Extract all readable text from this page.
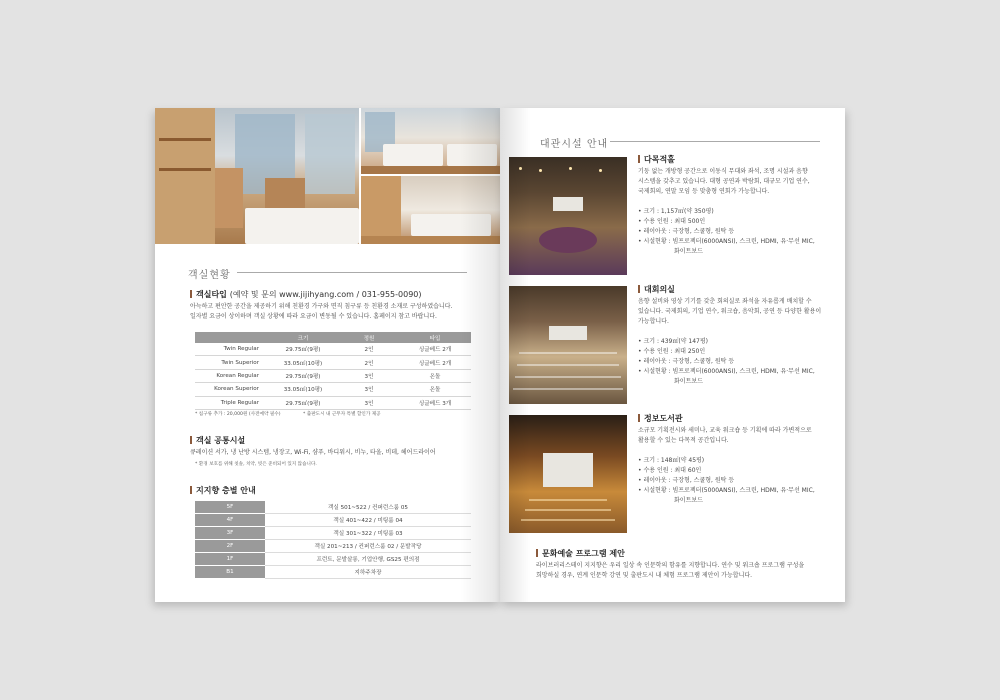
객실현황
객실타입 (예약 및 문의 www.jijihyang.com / 031-955-0090)
아늑하고 편안한 공간을 제공하기 위해 친환경 가구와 면직 침구류 등 친환경 소재로 구성하였습니다.
일자별 요금이 상이하며 객실 상황에 따라 요금이 변동될 수 있습니다. 홈페이지 참고 바랍니다.
	크기	정원	타입
Twin Regular	29.75㎡(9평)	2인	싱글베드 2개
Twin Superior	33.05㎡(10평)	2인	싱글베드 2개
Korean Regular	29.75㎡(9평)	3인	온돌
Korean Superior	33.05㎡(10평)	3인	온돌
Triple Regular	29.75㎡(9평)	3인	싱글베드 3개
* 침구류 추가 : 20,000원 (사전예약 필수)	* 출판도시 내 근무자 특별 할인가 제공
객실 공통시설
큐레이션 서가, 냉 난방 시스템, 냉장고, Wi-Fi, 샴푸, 바디워시, 비누, 타올, 비데, 헤어드라이어
* 환경 보호를 위해 칫솔, 치약, 빗은 준비되어 있지 않습니다.
지지향 층별 안내
5F	객실 501~522 / 컨퍼런스룸 05
4F	객실 401~422 / 미팅룸 04
3F	객실 301~322 / 미팅룸 03
2F	객실 201~213 / 컨퍼런스룸 02 / 문발작당
1F	프런트, 문발살롱, 기업안행, GS25 편의점
B1	지하주차장
대관시설 안내
다목적홀
기둥 없는 개방형 공간으로 이동식 무대와 좌석, 조명 시설과 음향
시스템을 갖추고 있습니다. 대형 공연과 박람회, 대규모 기업 연수,
국제회의, 연말 모임 등 맞춤형 연회가 가능합니다.
• 크기 : 1,157㎡(약 350평)
• 수용 인원 : 최대 500인
• 레이아웃 : 극장형, 스쿨형, 원탁 등
• 시설현황 : 빔프로젝터(6000ANSI), 스크린, HDMI, 유·무선 MIC,
화이트보드
대회의실
음향 설비와 영상 기기를 갖춘 회의실로 좌석을 자유롭게 배치할 수
있습니다. 국제회의, 기업 연수, 워크숍, 음악회, 공연 등 다양한 활용이
가능합니다.
• 크기 : 439㎡(약 147평)
• 수용 인원 : 최대 250인
• 레이아웃 : 극장형, 스쿨형, 원탁 등
• 시설현황 : 빔프로젝터(6000ANSI), 스크린, HDMI, 유·무선 MIC,
화이트보드
정보도서관
소규모 기획전시와 세미나, 교육 워크숍 등 기획에 따라 가변적으로
활용할 수 있는 다목적 공간입니다.
• 크기 : 148㎡(약 45평)
• 수용 인원 : 최대 60인
• 레이아웃 : 극장형, 스쿨형, 원탁 등
• 시설현황 : 빔프로젝터(5000ANSI), 스크린, HDMI, 유·무선 MIC,
화이트보드
문화예술 프로그램 제안
라이브러리스테이 지지향은 우리 일상 속 인문학의 함유를 지향합니다. 연수 및 워크숍 프로그램 구성을
희망하실 경우, 연계 인문학 강연 및 출판도시 내 체험 프로그램 제안이 가능합니다.
